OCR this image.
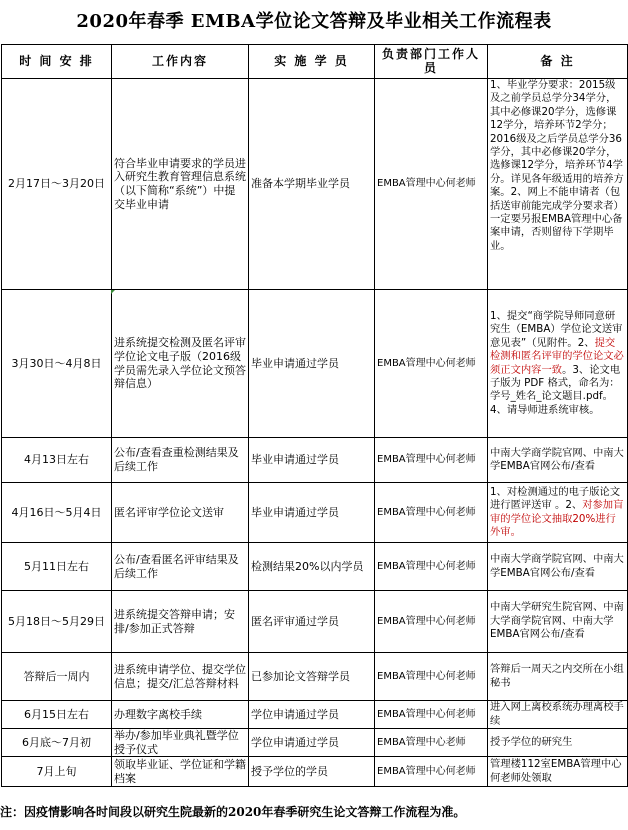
2020年春季 EMBA学位论文答辩及毕业相关工作流程表
时 间 安 排	工作内容	实 施 学 员	负责部门工作人员	备 注
2月17日～3月20日	符合毕业申请要求的学员进入研究生教育管理信息系统（以下简称“系统”）中提交毕业申请	准备本学期毕业学员	EMBA管理中心何老师	1、毕业学分要求：2015级及之前学员总学分34学分，其中必修课20学分，选修课12学分，培养环节2学分；2016级及之后学员总学分36学分，其中必修课20学分，选修课12学分，培养环节4学分。详见各年级适用的培养方案。2、网上不能申请者（包括送审前能完成学分要求者）一定要另报EMBA管理中心备案申请，否则留待下学期毕业。
3月30日～4月8日	进系统提交检测及匿名评审学位论文电子版（2016级学员需先录入学位论文预答辩信息）	毕业申请通过学员	EMBA管理中心何老师	1、提交“商学院导师同意研究生（EMBA）学位论文送审意见表”（见附件。2、提交检测和匿名评审的学位论文必须正文内容一致。3、论文电子版为 PDF 格式，命名为：学号_姓名_论文题目.pdf。4、请导师进系统审核。
4月13日左右	公布/查看查重检测结果及后续工作	毕业申请通过学员	EMBA管理中心何老师	中南大学商学院官网、中南大学EMBA官网公布/查看
4月16日～5月4日	匿名评审学位论文送审	毕业申请通过学员	EMBA管理中心何老师	1、对检测通过的电子版论文进行匿评送审 。2、对参加盲审的学位论文抽取20%进行外审。
5月11日左右	公布/查看匿名评审结果及后续工作	检测结果20%以内学员	EMBA管理中心何老师	中南大学商学院官网、中南大学EMBA官网公布/查看
5月18日～5月29日	进系统提交答辩申请；安排/参加正式答辩	匿名评审通过学员	EMBA管理中心何老师	中南大学研究生院官网、中南大学商学院官网、中南大学EMBA官网公布/查看
答辩后一周内	进系统申请学位、提交学位信息；提交/汇总答辩材料	已参加论文答辩学员	EMBA管理中心何老师	答辩后一周天之内交所在小组秘书
6月15日左右	办理数字离校手续	学位申请通过学员	EMBA管理中心何老师	进入网上离校系统办理离校手续
6月底～7月初	举办/参加毕业典礼暨学位授予仪式	学位申请通过学员	EMBA管理中心老师	授予学位的研究生
7月上旬	领取毕业证、学位证和学籍档案	授予学位的学员	EMBA管理中心何老师	管理楼112室EMBA管理中心何老师处领取
注：因疫情影响各时间段以研究生院最新的2020年春季研究生论文答辩工作流程为准。
